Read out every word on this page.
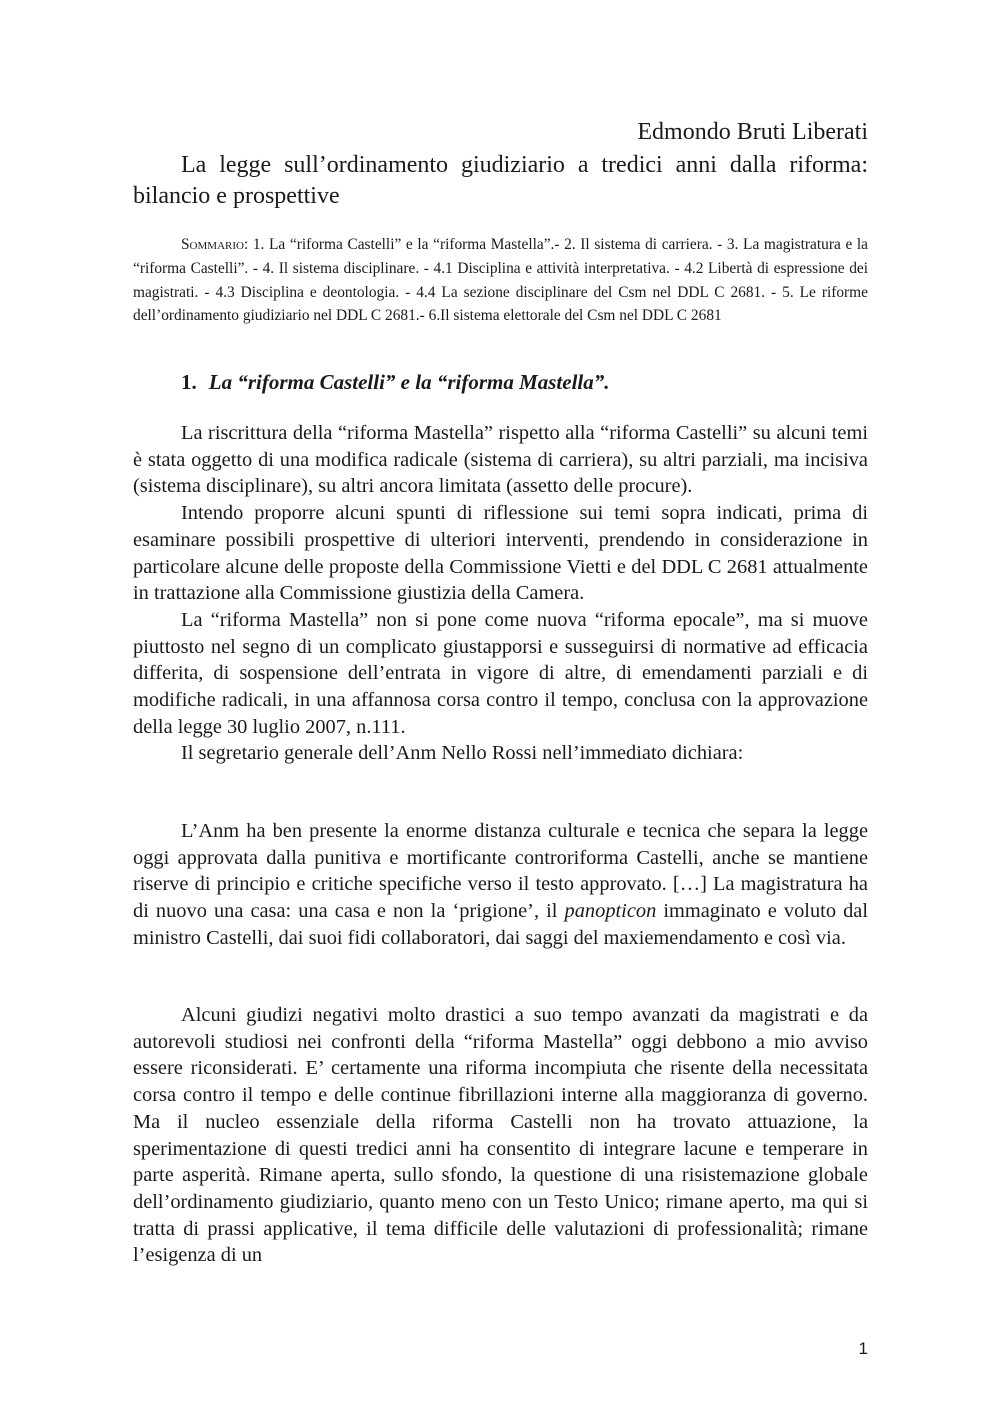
Edmondo Bruti Liberati
La legge sull’ordinamento giudiziario a tredici anni dalla riforma: bilancio e prospettive
Sommario: 1. La “riforma Castelli” e la “riforma Mastella”.- 2. Il sistema di carriera. - 3. La magistratura e la “riforma Castelli”. - 4. Il sistema disciplinare. - 4.1 Disciplina e attività interpretativa. - 4.2 Libertà di espressione dei magistrati. - 4.3 Disciplina e deontologia. - 4.4 La sezione disciplinare del Csm nel DDL C 2681. - 5. Le riforme dell’ordinamento giudiziario nel DDL C 2681.- 6.Il sistema elettorale del Csm nel DDL C 2681
1. La “riforma Castelli” e la “riforma Mastella”.

La riscrittura della “riforma Mastella” rispetto alla “riforma Castelli” su alcuni temi è stata oggetto di una modifica radicale (sistema di carriera), su altri parziali, ma incisiva (sistema disciplinare), su altri ancora limitata (assetto delle procure).

Intendo proporre alcuni spunti di riflessione sui temi sopra indicati, prima di esaminare possibili prospettive di ulteriori interventi, prendendo in considerazione in particolare alcune delle proposte della Commissione Vietti e del DDL C 2681 attualmente in trattazione alla Commissione giustizia della Camera.

La “riforma Mastella” non si pone come nuova “riforma epocale”, ma si muove piuttosto nel segno di un complicato giustapporsi e susseguirsi di normative ad efficacia differita, di sospensione dell’entrata in vigore di altre, di emendamenti parziali e di modifiche radicali, in una affannosa corsa contro il tempo, conclusa con la approvazione della legge 30 luglio 2007, n.111.

Il segretario generale dell’Anm Nello Rossi nell’immediato dichiara:

L’Anm ha ben presente la enorme distanza culturale e tecnica che separa la legge oggi approvata dalla punitiva e mortificante controriforma Castelli, anche se mantiene riserve di principio e critiche specifiche verso il testo approvato. […] La magistratura ha di nuovo una casa: una casa e non la ‘prigione’, il panopticon immaginato e voluto dal ministro Castelli, dai suoi fidi collaboratori, dai saggi del maxiemendamento e così via.

Alcuni giudizi negativi molto drastici a suo tempo avanzati da magistrati e da autorevoli studiosi nei confronti della “riforma Mastella” oggi debbono a mio avviso essere riconsiderati. E’ certamente una riforma incompiuta che risente della necessitata corsa contro il tempo e delle continue fibrillazioni interne alla maggioranza di governo. Ma il nucleo essenziale della riforma Castelli non ha trovato attuazione, la sperimentazione di questi tredici anni ha consentito di integrare lacune e temperare in parte asperità. Rimane aperta, sullo sfondo, la questione di una risistemazione globale dell’ordinamento giudiziario, quanto meno con un Testo Unico; rimane aperto, ma qui si tratta di prassi applicative, il tema difficile delle valutazioni di professionalità; rimane l’esigenza di un

1
